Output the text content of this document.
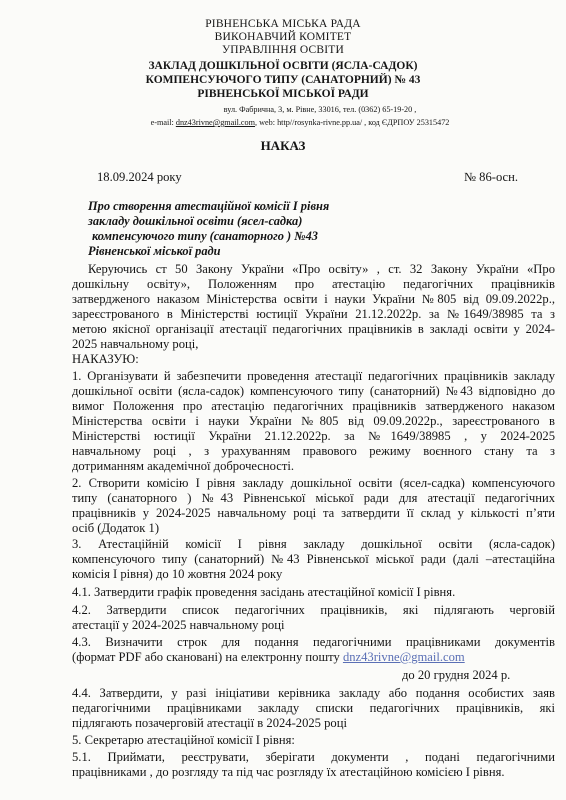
РІВНЕНСЬКА МІСЬКА РАДА
ВИКОНАВЧИЙ КОМІТЕТ
УПРАВЛІННЯ ОСВІТИ
ЗАКЛАД ДОШКІЛЬНОЇ ОСВІТИ (ЯСЛА-САДОК)
КОМПЕНСУЮЧОГО ТИПУ (САНАТОРНИЙ) № 43
РІВНЕНСЬКОЇ МІСЬКОЇ РАДИ
вул. Фабрична, 3, м. Рівне, 33016, тел. (0362) 65-19-20 ,
e-mail: dnz43rivne@gmail.com, web: http//rosynka-rivne.pp.ua/ , код ЄДРПОУ 25315472
НАКАЗ
18.09.2024 року	№ 86-осн.
Про створення атестаційної комісії І рівня
закладу дошкільної освіти (ясел-садка)
компенсуючого типу (санаторного ) №43
Рівненської міської ради
Керуючись ст 50 Закону України «Про освіту» , ст. 32 Закону України «Про
дошкільну освіту», Положенням про атестацію педагогічних працівників
затвердженого наказом Міністерства освіти і науки України №805 від 09.09.2022р.,
зареєстрованого в Міністерстві юстиції України 21.12.2022р. за №1649/38985 та з
метою якісної організації атестації педагогічних працівників в закладі освіти у 2024-
2025 навчальному році,
НАКАЗУЮ:
1. Організувати й забезпечити проведення атестації педагогічних працівників закладу
дошкільної освіти (ясла-садок) компенсуючого типу (санаторний) №43 відповідно до
вимог Положення про атестацію педагогічних працівників затвердженого наказом
Міністерства освіти і науки України №805 від 09.09.2022р., зареєстрованого в
Міністерстві юстиції України 21.12.2022р. за №1649/38985 , у 2024-2025
навчальному році , з урахуванням правового режиму воєнного стану та з
дотриманням академічної доброчесності.
2. Створити комісію І рівня закладу дошкільної освіти (ясел-садка) компенсуючого
типу (санаторного ) №43 Рівненської міської ради для атестації педагогічних
працівників у 2024-2025 навчальному році та затвердити її склад у кількості п’яти
осіб (Додаток 1)
3. Атестаційній комісії І рівня закладу дошкільної освіти (ясла-садок)
компенсуючого типу (санаторний) №43 Рівненської міської ради (далі –атестаційна
комісія І рівня) до 10 жовтня 2024 року
4.1. Затвердити графік проведення засідань атестаційної комісії І рівня.
4.2. Затвердити список педагогічних працівників, які підлягають черговій
атестації у 2024-2025 навчальному році
4.3. Визначити строк для подання педагогічними працівниками документів
(формат PDF або скановані) на електронну пошту dnz43rivne@gmail.com
до 20 грудня 2024 р.
4.4. Затвердити, у разі ініціативи керівника закладу або подання особистих заяв
педагогічними працівниками закладу списки педагогічних працівників, які
підлягають позачерговій атестації в 2024-2025 році
5. Секретарю атестаційної комісії І рівня:
5.1. Приймати, реєструвати, зберігати документи , подані педагогічними
працівниками , до розгляду та під час розгляду їх атестаційною комісією І рівня.
